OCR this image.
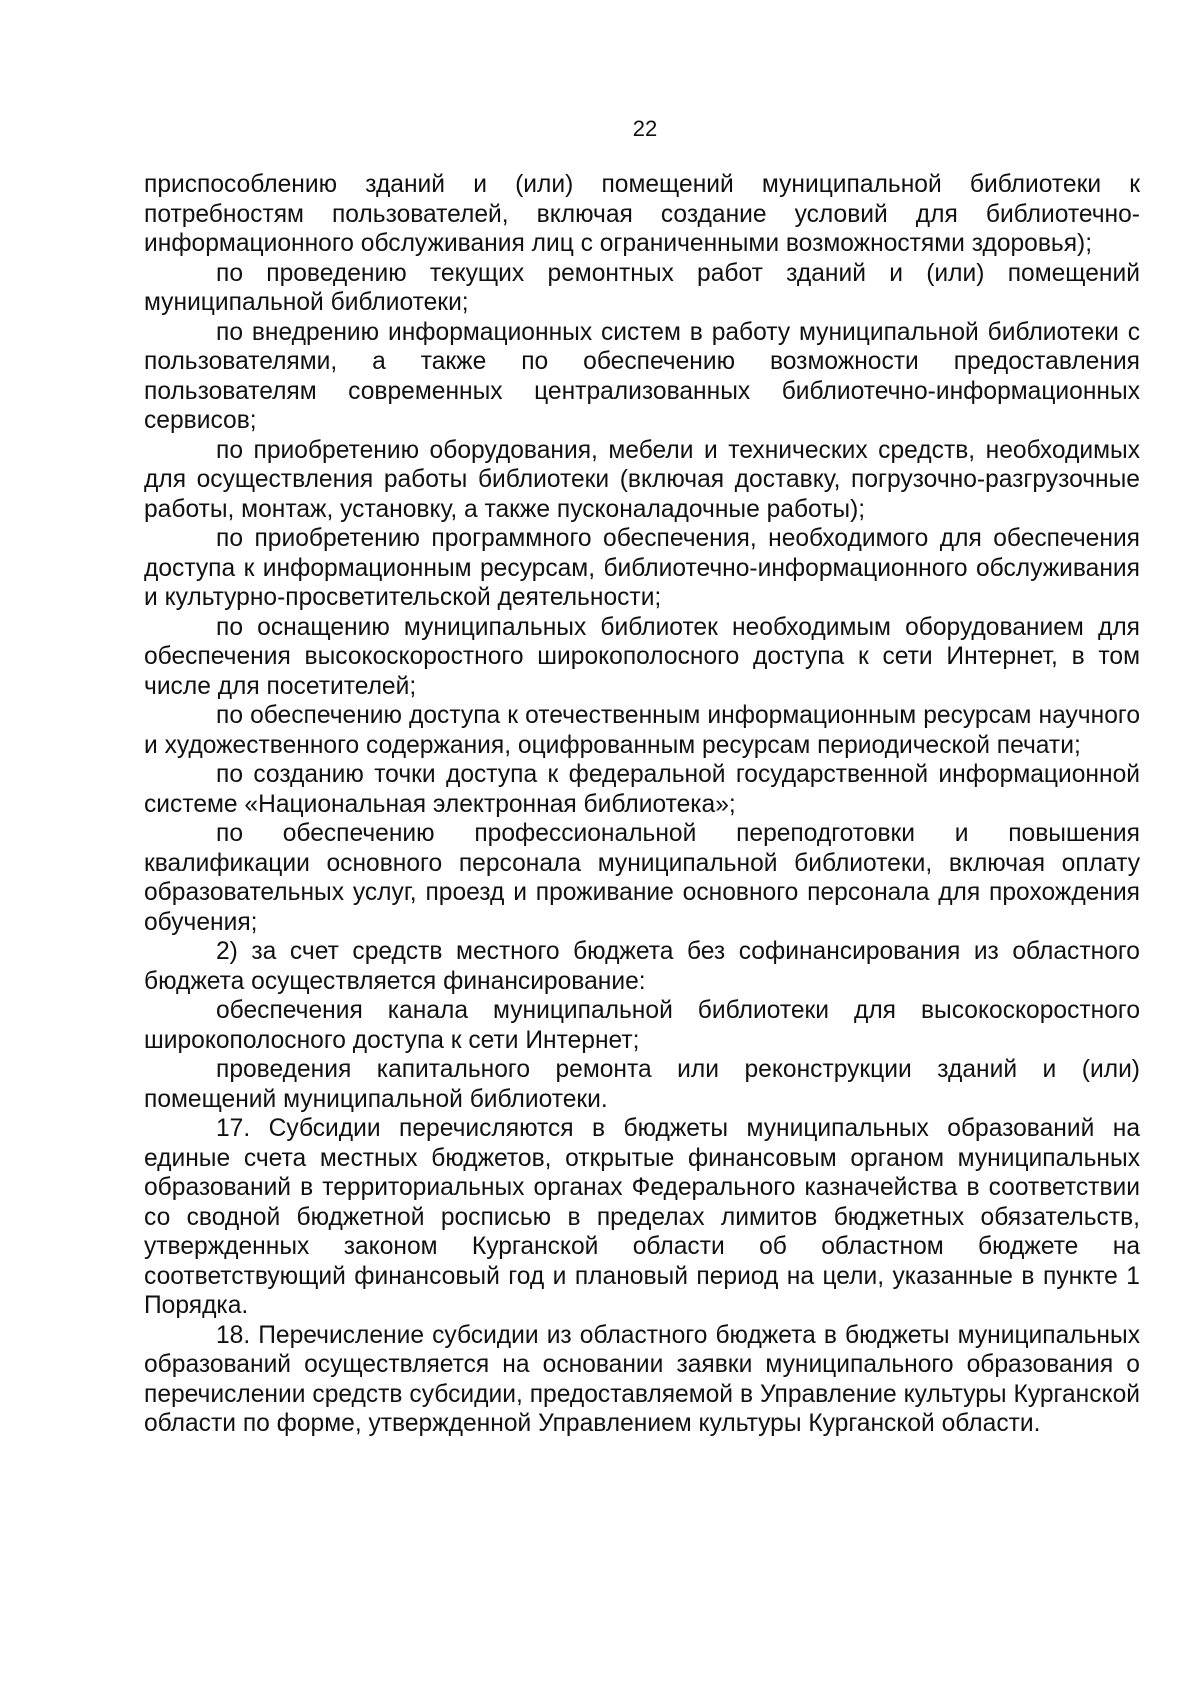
22

приспособлению зданий и (или) помещений муниципальной библиотеки к потребностям пользователей, включая создание условий для библиотечно-информационного обслуживания лиц с ограниченными возможностями здоровья);

по проведению текущих ремонтных работ зданий и (или) помещений муниципальной библиотеки;

по внедрению информационных систем в работу муниципальной библиотеки с пользователями, а также по обеспечению возможности предоставления пользователям современных централизованных библиотечно-информационных сервисов;

по приобретению оборудования, мебели и технических средств, необходимых для осуществления работы библиотеки (включая доставку, погрузочно-разгрузочные работы, монтаж, установку, а также пусконаладочные работы);

по приобретению программного обеспечения, необходимого для обеспечения доступа к информационным ресурсам, библиотечно-информационного обслуживания и культурно-просветительской деятельности;

по оснащению муниципальных библиотек необходимым оборудованием для обеспечения высокоскоростного широкополосного доступа к сети Интернет, в том числе для посетителей;

по обеспечению доступа к отечественным информационным ресурсам научного и художественного содержания, оцифрованным ресурсам периодической печати;

по созданию точки доступа к федеральной государственной информационной системе «Национальная электронная библиотека»;

по обеспечению профессиональной переподготовки и повышения квалификации основного персонала муниципальной библиотеки, включая оплату образовательных услуг, проезд и проживание основного персонала для прохождения обучения;

2) за счет средств местного бюджета без софинансирования из областного бюджета осуществляется финансирование:

обеспечения канала муниципальной библиотеки для высокоскоростного широкополосного доступа к сети Интернет;

проведения капитального ремонта или реконструкции зданий и (или) помещений муниципальной библиотеки.

17. Субсидии перечисляются в бюджеты муниципальных образований на единые счета местных бюджетов, открытые финансовым органом муниципальных образований в территориальных органах Федерального казначейства в соответствии со сводной бюджетной росписью в пределах лимитов бюджетных обязательств, утвержденных законом Курганской области об областном бюджете на соответствующий финансовый год и плановый период на цели, указанные в пункте 1 Порядка.

18. Перечисление субсидии из областного бюджета в бюджеты муниципальных образований осуществляется на основании заявки муниципального образования о перечислении средств субсидии, предоставляемой в Управление культуры Курганской области по форме, утвержденной Управлением культуры Курганской области.
